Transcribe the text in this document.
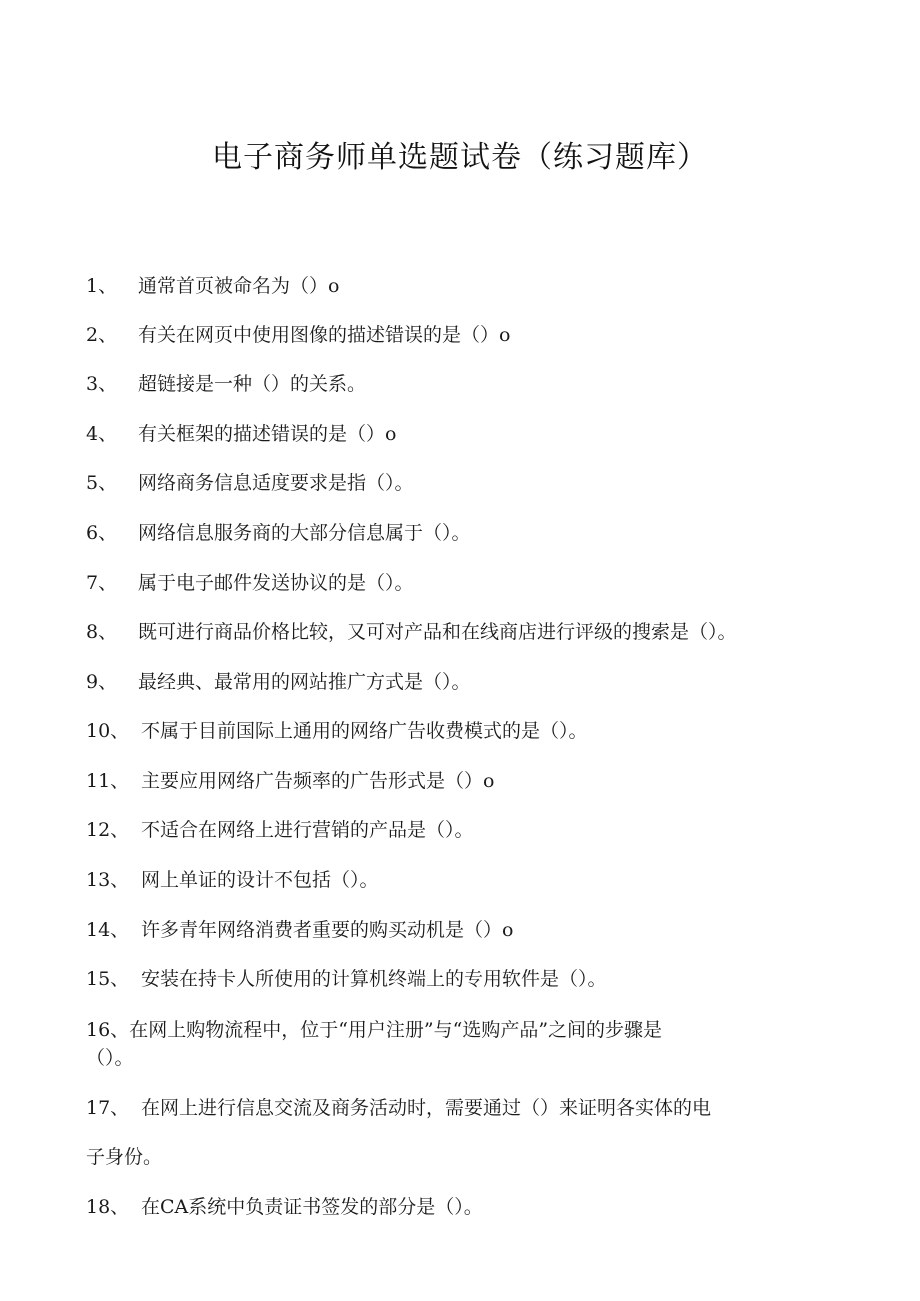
电子商务师单选题试卷（练习题库）
1、 通常首页被命名为（）o
2、 有关在网页中使用图像的描述错误的是（）o
3、 超链接是一种（）的关系。
4、 有关框架的描述错误的是（）o
5、 网络商务信息适度要求是指（）。
6、 网络信息服务商的大部分信息属于（）。
7、 属于电子邮件发送协议的是（）。
8、 既可进行商品价格比较，又可对产品和在线商店进行评级的搜索是（）。
9、 最经典、最常用的网站推广方式是（）。
10、 不属于目前国际上通用的网络广告收费模式的是（）。
11、 主要应用网络广告频率的广告形式是（）o
12、 不适合在网络上进行营销的产品是（）。
13、 网上单证的设计不包括（）。
14、 许多青年网络消费者重要的购买动机是（）o
15、 安装在持卡人所使用的计算机终端上的专用软件是（）。
16、在网上购物流程中，位于“用户注册”与“选购产品”之间的步骤是
（）。
17、 在网上进行信息交流及商务活动时，需要通过（）来证明各实体的电
子身份。
18、 在CA系统中负责证书签发的部分是（）。
